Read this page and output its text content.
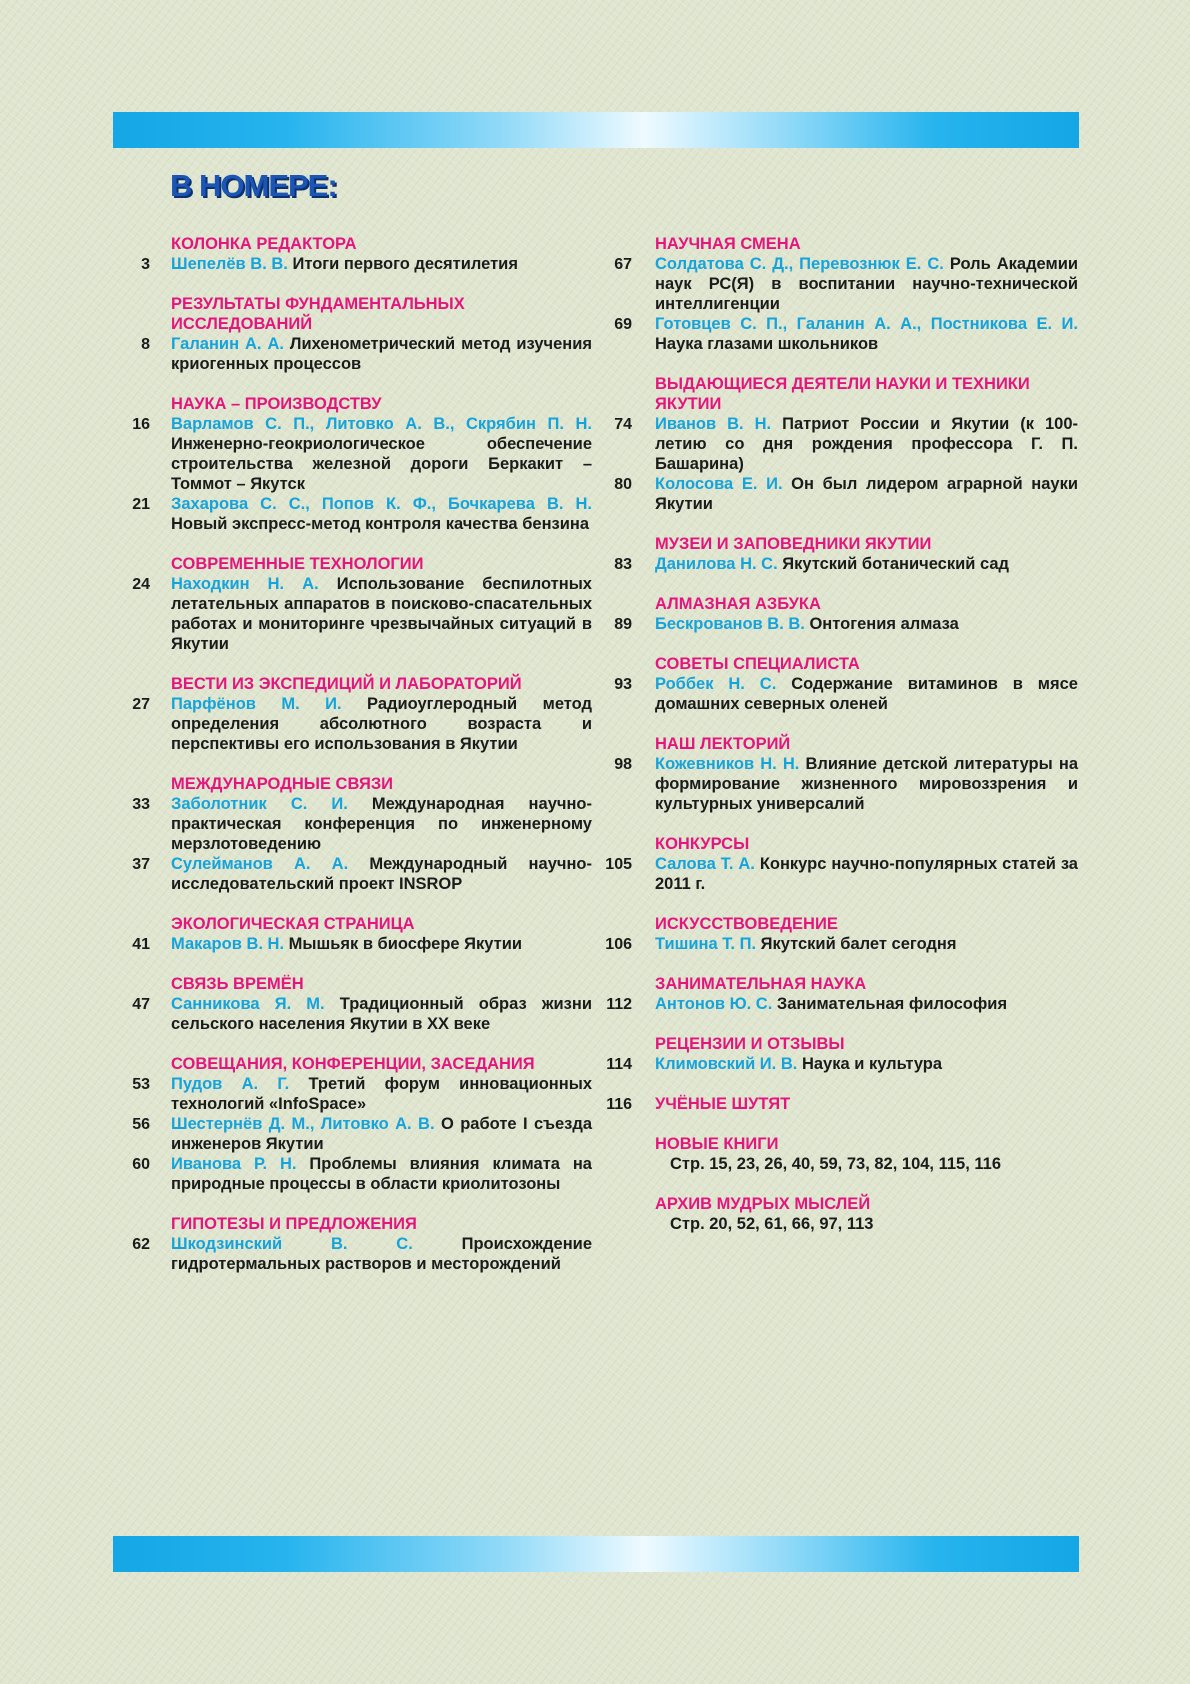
В НОМЕРЕ:
КОЛОНКА РЕДАКТОРА
3 Шепелёв В. В. Итоги первого десятилетия
РЕЗУЛЬТАТЫ ФУНДАМЕНТАЛЬНЫХ ИССЛЕДОВАНИЙ
8 Галанин А. А. Лихенометрический метод изучения криогенных процессов
НАУКА – ПРОИЗВОДСТВУ
16 Варламов С. П., Литовко А. В., Скрябин П. Н. Инженерно-геокриологическое обеспечение строительства железной дороги Беркакит – Томмот – Якутск
21 Захарова С. С., Попов К. Ф., Бочкарева В. Н. Новый экспресс-метод контроля качества бензина
СОВРЕМЕННЫЕ ТЕХНОЛОГИИ
24 Находкин Н. А. Использование беспилотных летательных аппаратов в поисково-спасательных работах и мониторинге чрезвычайных ситуаций в Якутии
ВЕСТИ ИЗ ЭКСПЕДИЦИЙ И ЛАБОРАТОРИЙ
27 Парфёнов М. И. Радиоуглеродный метод определения абсолютного возраста и перспективы его использования в Якутии
МЕЖДУНАРОДНЫЕ СВЯЗИ
33 Заболотник С. И. Международная научно-практическая конференция по инженерному мерзлотоведению
37 Сулейманов А. А. Международный научно-исследовательский проект INSROP
ЭКОЛОГИЧЕСКАЯ СТРАНИЦА
41 Макаров В. Н. Мышьяк в биосфере Якутии
СВЯЗЬ ВРЕМЁН
47 Санникова Я. М. Традиционный образ жизни сельского населения Якутии в XX веке
СОВЕЩАНИЯ, КОНФЕРЕНЦИИ, ЗАСЕДАНИЯ
53 Пудов А. Г. Третий форум инновационных технологий «InfoSpace»
56 Шестернёв Д. М., Литовко А. В. О работе I съезда инженеров Якутии
60 Иванова Р. Н. Проблемы влияния климата на природные процессы в области криолитозоны
ГИПОТЕЗЫ И ПРЕДЛОЖЕНИЯ
62 Шкодзинский В. С.	Происхождение гидротермальных растворов и месторождений
НАУЧНАЯ СМЕНА
67 Солдатова С. Д., Перевознюк Е. С. Роль Академии наук РС(Я) в воспитании научно-технической интеллигенции
69 Готовцев С. П., Галанин А. А., Постникова Е. И. Наука глазами школьников
ВЫДАЮЩИЕСЯ ДЕЯТЕЛИ НАУКИ И ТЕХНИКИ ЯКУТИИ
74 Иванов В. Н. Патриот России и Якутии (к 100-летию со дня рождения профессора Г. П. Башарина)
80 Колосова Е. И. Он был лидером аграрной науки Якутии
МУЗЕИ И ЗАПОВЕДНИКИ ЯКУТИИ
83 Данилова Н. С. Якутский ботанический сад
АЛМАЗНАЯ АЗБУКА
89 Бескрованов В. В. Онтогения алмаза
СОВЕТЫ СПЕЦИАЛИСТА
93 Роббек Н. С. Содержание витаминов в мясе домашних северных оленей
НАШ ЛЕКТОРИЙ
98 Кожевников Н. Н. Влияние детской литературы на формирование жизненного мировоззрения и культурных универсалий
КОНКУРСЫ
105 Салова Т. А. Конкурс научно-популярных статей за 2011 г.
ИСКУССТВОВЕДЕНИЕ
106 Тишина Т. П. Якутский балет сегодня
ЗАНИМАТЕЛЬНАЯ НАУКА
112 Антонов Ю. С. Занимательная философия
РЕЦЕНЗИИ И ОТЗЫВЫ
114 Климовский И. В. Наука и культура
116 УЧЁНЫЕ ШУТЯТ
НОВЫЕ КНИГИ
Стр. 15, 23, 26, 40, 59, 73, 82, 104, 115, 116
АРХИВ МУДРЫХ МЫСЛЕЙ
Стр. 20, 52, 61, 66, 97, 113
